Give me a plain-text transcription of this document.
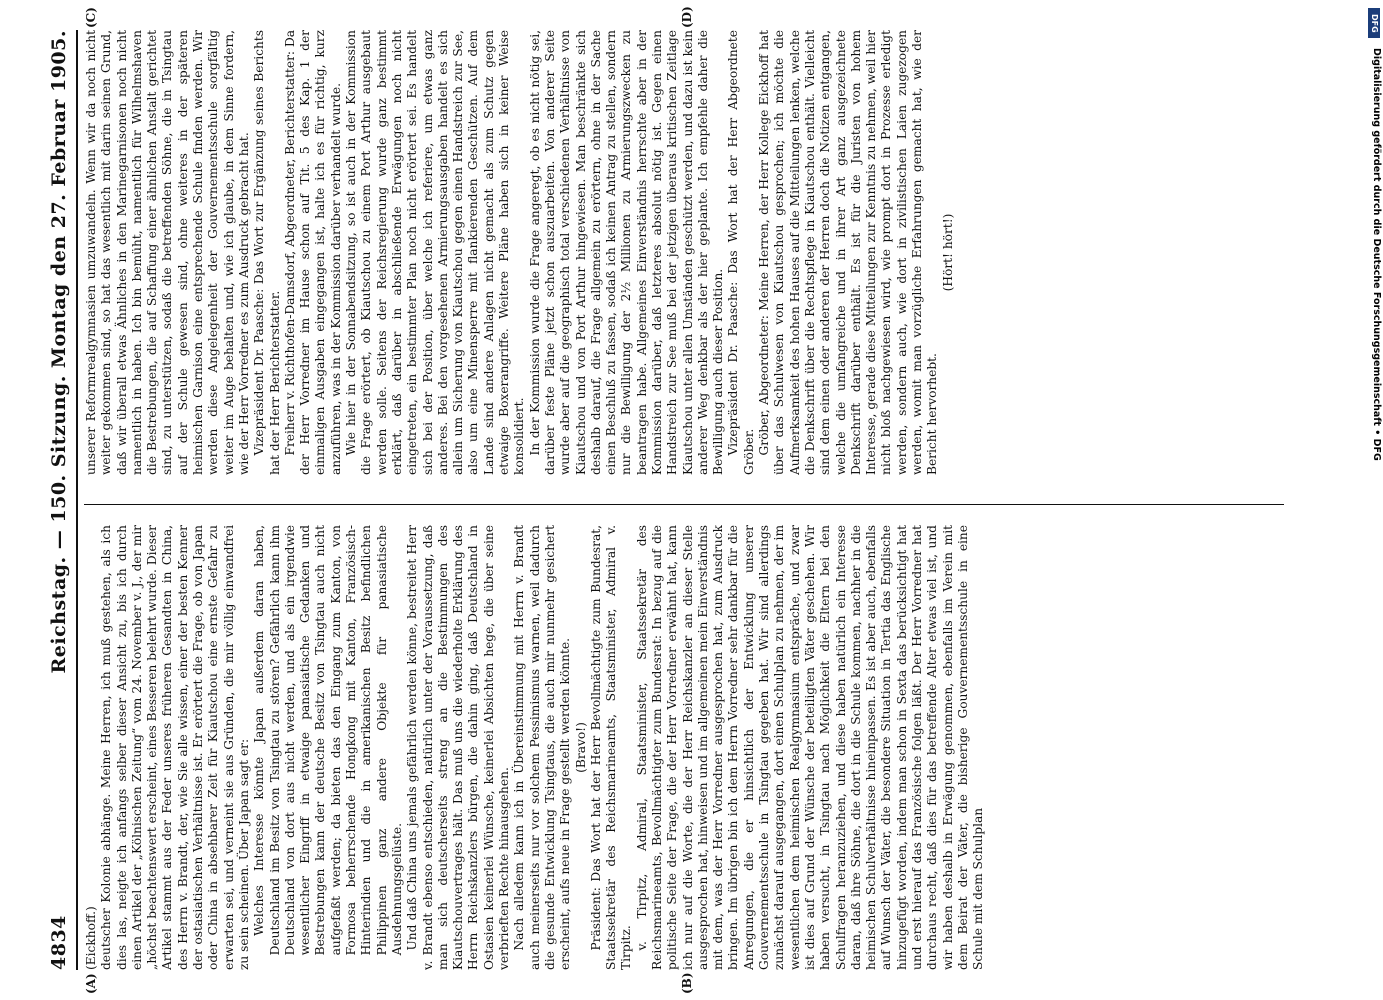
4834
Reichstag. — 150. Sitzung. Montag den 27. Februar 1905.
(A)	(B)
(C)	(D)

(Eickhoff.) deutscher Kolonie abhänge. Meine Herren, ich muß gestehen, als ich dies las, neigte ich anfangs selber dieser Ansicht zu, bis ich durch einen Artikel der „Kölnischen Zeitung“ vom 24. November v. J., der mir „höchst beachtenswert erscheint, eines Besseren belehrt wurde. Dieser Artikel stammt aus der Feder unseres früheren Gesandten in China, des Herrn v. Brandt, der, wie Sie alle wissen, einer der besten Kenner der ostasiatischen Verhältnisse ist. Er erörtert die Frage, ob von Japan oder China in absehbarer Zeit für Kiautschou eine ernste Gefahr zu erwarten sei, und verneint sie aus Gründen, die mir völlig einwandfrei zu sein scheinen. Über Japan sagt er: Welches Interesse könnte Japan außerdem daran haben, Deutschland im Besitz von Tsingtau zu stören? Gefährlich kann ihm Deutschland von dort aus nicht werden, und als ein irgendwie wesentlicher Eingriff in etwaige panasiatische Gedanken und Bestrebungen kann der deutsche Besitz von Tsingtau auch nicht aufgefaßt werden; da bieten das den Eingang zum Kanton, von Formosa beherrschende Hongkong mit Kanton, Französisch-Hinterindien und die in amerikanischen Besitz befindlichen Philippinen ganz andere Objekte für panasiatische Ausdehnungsgelüste. Und daß China uns jemals gefährlich werden könne, bestreitet Herr v. Brandt ebenso entschieden, natürlich unter der Voraussetzung, daß man sich deutscherseits streng an die Bestimmungen des Kiautschouvertrages hält. Das muß uns die wiederholte Erklärung des Herrn Reichskanzlers bürgen, die dahin ging, daß Deutschland in Ostasien keinerlei Wünsche, keinerlei Absichten hege, die über seine verbrieften Rechte hinausgehen. Nach alledem kann ich in Übereinstimmung mit Herrn v. Brandt auch meinerseits nur vor solchem Pessimismus warnen, weil dadurch die gesunde Entwicklung Tsingtaus, die auch mir nunmehr gesichert erscheint, aufs neue in Frage gestellt werden könnte. (Bravo!) Präsident: Das Wort hat der Herr Bevollmächtigte zum Bundesrat, Staatssekretär des Reichsmarineamts, Staatsminister, Admiral v. Tirpitz. v. Tirpitz, Admiral, Staatsminister, Staatssekretär des Reichsmarineamts, Bevollmächtigter zum Bundesrat: In bezug auf die politische Seite der Frage, die der Herr Vorredner erwähnt hat, kann ich nur auf die Worte, die der Herr Reichskanzler an dieser Stelle ausgesprochen hat, hinweisen und im allgemeinen mein Einverständnis mit dem, was der Herr Vorredner ausgesprochen hat, zum Ausdruck bringen. Im übrigen bin ich dem Herrn Vorredner sehr dankbar für die Anregungen, die er hinsichtlich der Entwicklung unserer Gouvernementsschule in Tsingtau gegeben hat. Wir sind allerdings zunächst darauf ausgegangen, dort einen Schulplan zu nehmen, der im wesentlichen dem heimischen Realgymnasium entspräche, und zwar ist dies auf Grund der Wünsche der beteiligten Väter geschehen. Wir haben versucht, in Tsingtau nach Möglichkeit die Eltern bei den Schulfragen heranzuziehen, und diese haben natürlich ein Interesse daran, daß ihre Söhne, die dort in die Schule kommen, nachher in die heimischen Schulverhältnisse hineinpassen. Es ist aber auch, ebenfalls auf Wunsch der Väter, die besondere Situation in Tertia das Englische hinzugefügt worden, indem man schon in Sexta das berücksichtigt hat und erst hierauf das Französische folgen läßt. Der Herr Vorredner hat durchaus recht, daß dies für das betreffende Alter etwas viel ist, und wir haben deshalb in Erwägung genommen, ebenfalls im Verein mit dem Beirat der Väter, die bisherige Gouvernementsschule in eine Schule mit dem Schulplan

unserer Reformrealgymnasien umzuwandeln. Wenn wir da noch nicht weiter gekommen sind, so hat das wesentlich mit darin seinen Grund, daß wir überall etwas Ähnliches in den Marinegarnisonen noch nicht namentlich in haben. Ich bin bemüht, namentlich für Wilhelmshaven die Bestrebungen, die auf Schaffung einer ähnlichen Anstalt gerichtet sind, zu unterstützen, sodaß die betreffenden Söhne, die in Tsingtau auf der Schule gewesen sind, ohne weiteres in der späteren heimischen Garnison eine entsprechende Schule finden werden. Wir werden diese Angelegenheit der Gouvernementsschule sorgfältig weiter im Auge behalten und, wie ich glaube, in dem Sinne fordern, wie der Herr Vorredner es zum Ausdruck gebracht hat. Vizepräsident Dr. Paasche: Das Wort zur Ergänzung seines Berichts hat der Herr Berichterstatter. Freiherr v. Richthofen-Damsdorf, Abgeordneter, Berichterstatter: Da der Herr Vorredner im Hause schon auf Tit. 5 des Kap. 1 der einmaligen Ausgaben eingegangen ist, halte ich es für richtig, kurz anzuführen, was in der Kommission darüber verhandelt wurde. Wie hier in der Sonnabendsitzung, so ist auch in der Kommission die Frage erörtert, ob Kiautschou zu einem Port Arthur ausgebaut werden solle. Seitens der Reichsregierung wurde ganz bestimmt erklärt, daß darüber in abschließende Erwägungen noch nicht eingetreten, ein bestimmter Plan noch nicht erörtert sei. Es handelt sich bei der Position, über welche ich referiere, um etwas ganz anderes. Bei den vorgesehenen Armierungsausgaben handelt es sich allein um Sicherung von Kiautschou gegen einen Handstreich zur See, also um eine Minensperre mit flankierenden Geschützen. Auf dem Lande sind andere Anlagen nicht gemacht als zum Schutz gegen etwaige Boxerangriffe. Weitere Pläne haben sich in keiner Weise konsolidiert. In der Kommission wurde die Frage angeregt, ob es nicht nötig sei, darüber feste Pläne jetzt schon auszuarbeiten. Von anderer Seite wurde aber auf die geographisch total verschiedenen Verhältnisse von Kiautschou und von Port Arthur hingewiesen. Man beschränkte sich deshalb darauf, die Frage allgemein zu erörtern, ohne in der Sache einen Beschluß zu fassen, sodaß ich keinen Antrag zu stellen, sondern nur die Bewilligung der 2½ Millionen zu Armierungszwecken zu beantragen habe. Allgemeines Einverständnis herrschte aber in der Kommission darüber, daß letzteres absolut nötig ist. Gegen einen Handstreich zur See muß bei der jetzigen überaus kritischen Zeitlage Kiautschou unter allen Umständen geschützt werden, und dazu ist kein anderer Weg denkbar als der hier geplante. Ich empfehle daher die Bewilligung auch dieser Position. Vizepräsident Dr. Paasche: Das Wort hat der Herr Abgeordnete Gröber. Gröber, Abgeordneter: Meine Herren, der Herr Kollege Eickhoff hat über das Schulwesen von Kiautschou gesprochen; ich möchte die Aufmerksamkeit des hohen Hauses auf die Mitteilungen lenken, welche die Denkschrift über die Rechtspflege in Kiautschou enthält. Vielleicht sind dem einen oder anderen der Herren doch die Notizen entgangen, welche die umfangreiche und in ihrer Art ganz ausgezeichnete Denkschrift darüber enthält. Es ist für die Juristen von hohem Interesse, gerade diese Mitteilungen zur Kenntnis zu nehmen, weil hier nicht bloß nachgewiesen wird, wie prompt dort in Prozesse erledigt werden, sondern auch, wie dort in zivilistischen Laien zugezogen werden, womit man vorzügliche Erfahrungen gemacht hat, wie der Bericht hervorhebt.

(Hört! hört!)

DFG
Digitalisierung gefördert durch die Deutsche Forschungsgemeinschaft • DFG
